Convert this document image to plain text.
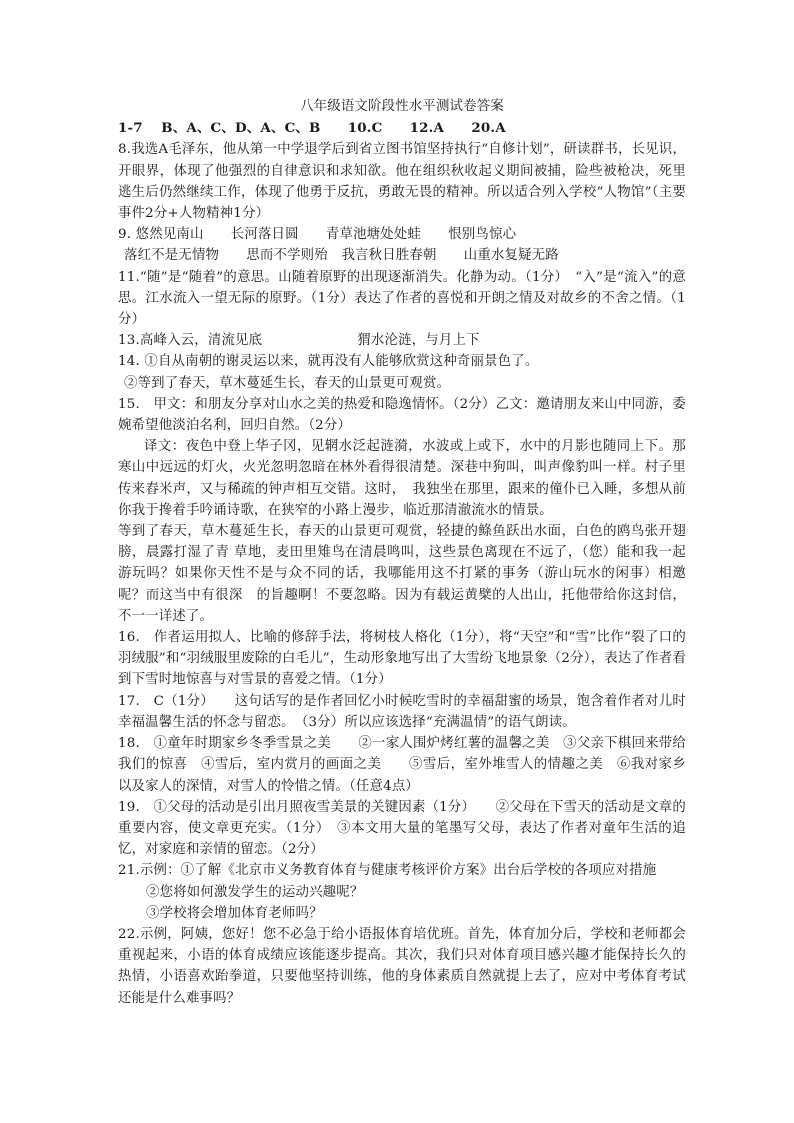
八年级语文阶段性水平测试卷答案

1-7　 B、A、C、D、A、C、B　　10.C　　12.A　　20.A

8.我选A毛泽东，他从第一中学退学后到省立图书馆坚持执行“自修计划”，研读群书，长见识，开眼界，体现了他强烈的自律意识和求知欲。他在组织秋收起义期间被捕，险些被枪决，死里逃生后仍然继续工作，体现了他勇于反抗，勇敢无畏的精神。所以适合列入学校“人物馆”（主要事件2分+人物精神1分）

9. 悠然见南山　　长河落日圆　　青草池塘处处蛙　　恨别鸟惊心

落红不是无情物　　思而不学则殆　我言秋日胜春朝　　山重水复疑无路

11.“随”是“随着”的意思。山随着原野的出现逐渐消失。化静为动。（1分）　“入”是“流入”的意思。江水流入一望无际的原野。（1分）表达了作者的喜悦和开朗之情及对故乡的不舍之情。（1分）

13.高峰入云，清流见底　　　　　　　猬水沦涟，与月上下

14. ①自从南朝的谢灵运以来，就再没有人能够欣赏这种奇丽景色了。

②等到了春天，草木蔓延生长，春天的山景更可观赏。

15.　甲文：和朋友分享对山水之美的热爱和隐逸情怀。（2分）乙文：邀请朋友来山中同游，委婉希望他淡泊名利，回归自然。（2分）

译文：夜色中登上华子冈，见辋水泛起涟漪，水波或上或下，水中的月影也随同上下。那寒山中远远的灯火，火光忽明忽暗在林外看得很清楚。深巷中狗叫，叫声像豹叫一样。村子里传来舂米声，又与稀疏的钟声相互交错。这时，　我独坐在那里，跟来的僮仆已入睡，多想从前你我于搀着手吟诵诗歌，在狭窄的小路上漫步，临近那清澈流水的情景。

等到了春天，草木蔓延生长，春天的山景更可观赏，轻捷的鲦鱼跃出水面，白色的鸥鸟张开翅膀，晨露打湿了青 草地，麦田里雉鸟在清晨鸣叫，这些景色离现在不远了，（您）能和我一起游玩吗？如果你天性不是与众不同的话，我哪能用这不打紧的事务（游山玩水的闲事）相邀呢？而这当中有很深　的旨趣啊！不要忽略。因为有载运黄檗的人出山，托他带给你这封信，不一一详述了。

16.　作者运用拟人、比喻的修辞手法，将树枝人格化（1分），将“天空”和“雪”比作“裂了口的羽绒服”和“羽绒服里废除的白毛儿”，生动形象地写出了大雪纷飞地景象（2分），表达了作者看到下雪时地惊喜与对雪景的喜爱之情。（1分）

17.　C（1分）　　这句话写的是作者回忆小时候吃雪时的幸福甜蜜的场景，饱含着作者对儿时幸福温馨生活的怀念与留恋。　（3分）所以应该选择“充满温情”的语气朗读。

18.　①童年时期家乡冬季雪景之美　　②一家人围炉烤红薯的温馨之美　③父亲下棋回来带给我们的惊喜　④雪后，室内赏月的画面之美　　⑤雪后，室外堆雪人的情趣之美　⑥我对家乡以及家人的深情，对雪人的怜惜之情。（任意4点）

19.　①父母的活动是引出月照夜雪美景的关键因素（1分）　　②父母在下雪天的活动是文章的重要内容，使文章更充实。（1分）　③本文用大量的笔墨写父母，表达了作者对童年生活的追忆，对家庭和亲情的留恋。（2分）

21.示例：①了解《北京市义务教育体育与健康考核评价方案》出台后学校的各项应对措施

②您将如何激发学生的运动兴趣呢？

③学校将会增加体育老师吗？

22.示例，阿姨，您好！您不必急于给小语报体育培优班。首先，体育加分后，学校和老师都会重视起来，小语的体育成绩应该能逐步提高。其次，我们只对体育项目感兴趣才能保持长久的热情，小语喜欢跆拳道，只要他坚持训练，他的身体素质自然就提上去了，应对中考体育考试还能是什么难事吗？
